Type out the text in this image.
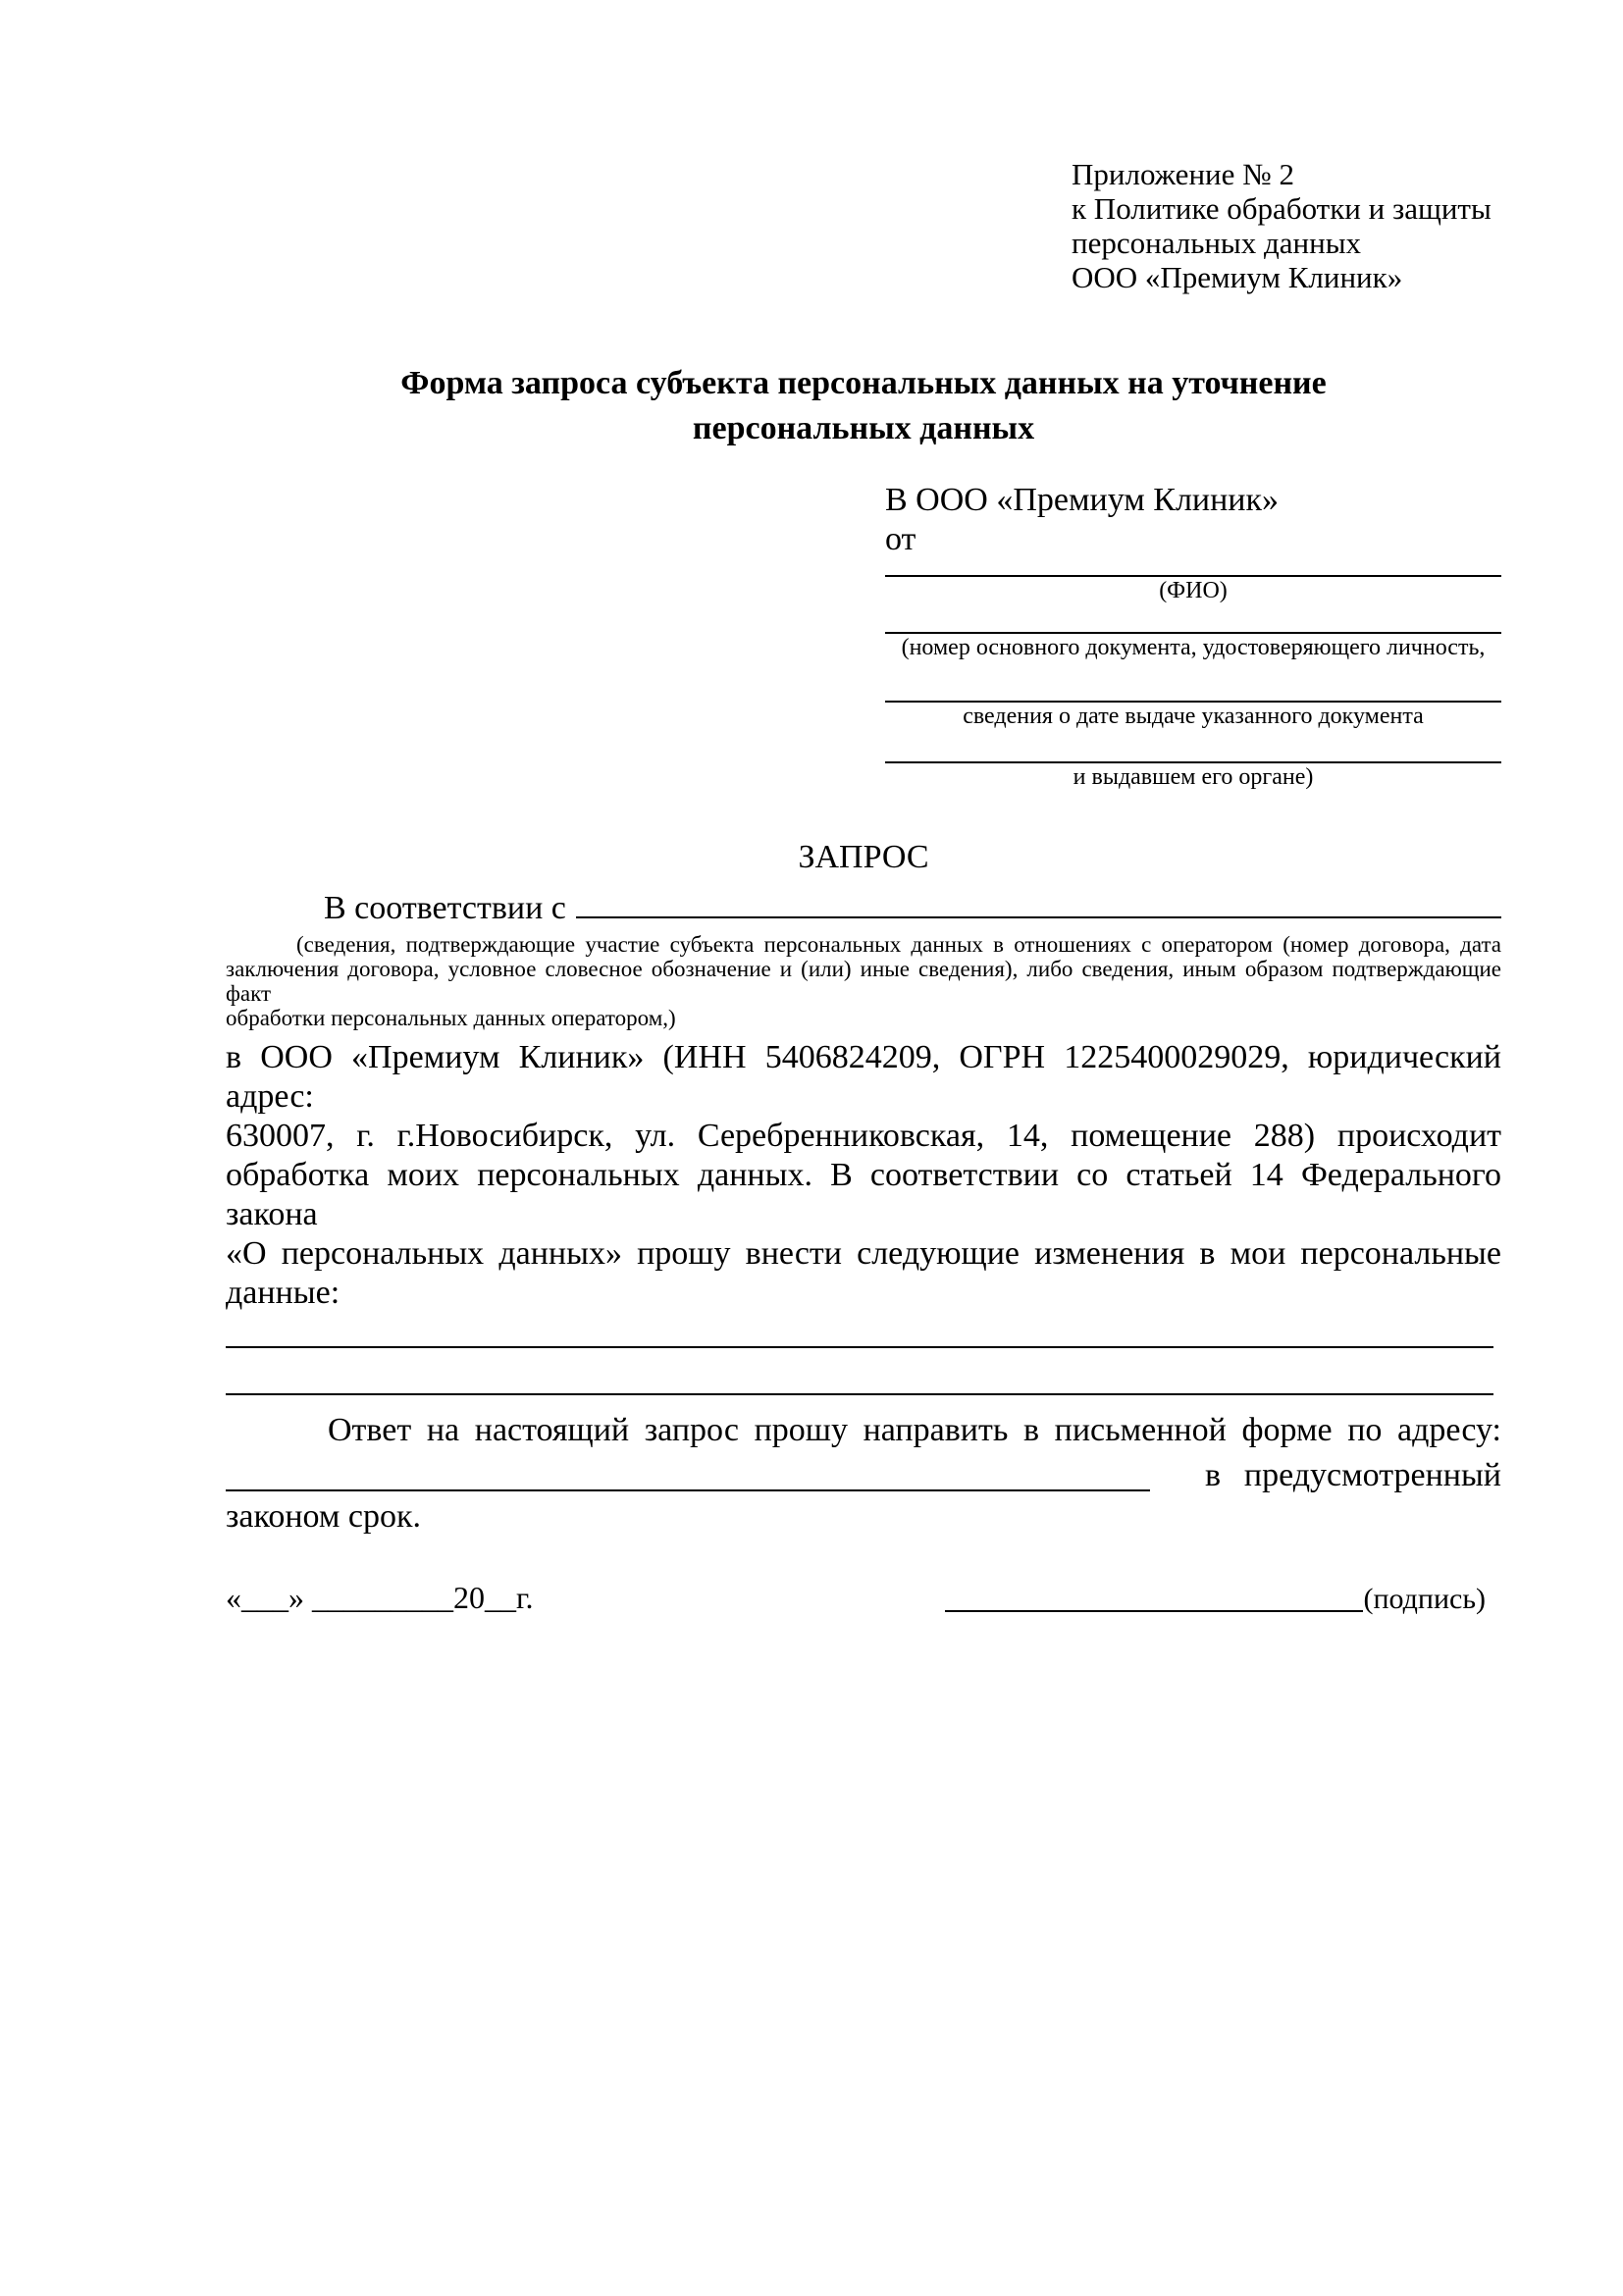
Приложение № 2
к Политике обработки и защиты
персональных данных
ООО «Премиум Клиник»
Форма запроса субъекта персональных данных на уточнение
персональных данных
В ООО «Премиум Клиник»
от
(ФИО)
(номер основного документа, удостоверяющего личность,
сведения о дате выдаче указанного документа
и выдавшем его органе)
ЗАПРОС
В соответствии с
(сведения, подтверждающие участие субъекта персональных данных в отношениях с оператором (номер договора, дата
заключения договора, условное словесное обозначение и (или) иные сведения), либо сведения, иным образом подтверждающие факт
обработки персональных данных оператором,)
в ООО «Премиум Клиник» (ИНН 5406824209, ОГРН 1225400029029, юридический адрес:
630007, г. г.Новосибирск, ул. Серебренниковская, 14, помещение 288) происходит
обработка моих персональных данных. В соответствии со статьей 14 Федерального закона
«О персональных данных» прошу внести следующие изменения в мои персональные
данные:
Ответ на настоящий запрос прошу направить в письменной форме по адресу:
в предусмотренный
законом срок.
«___» _________20__г.	(подпись)
